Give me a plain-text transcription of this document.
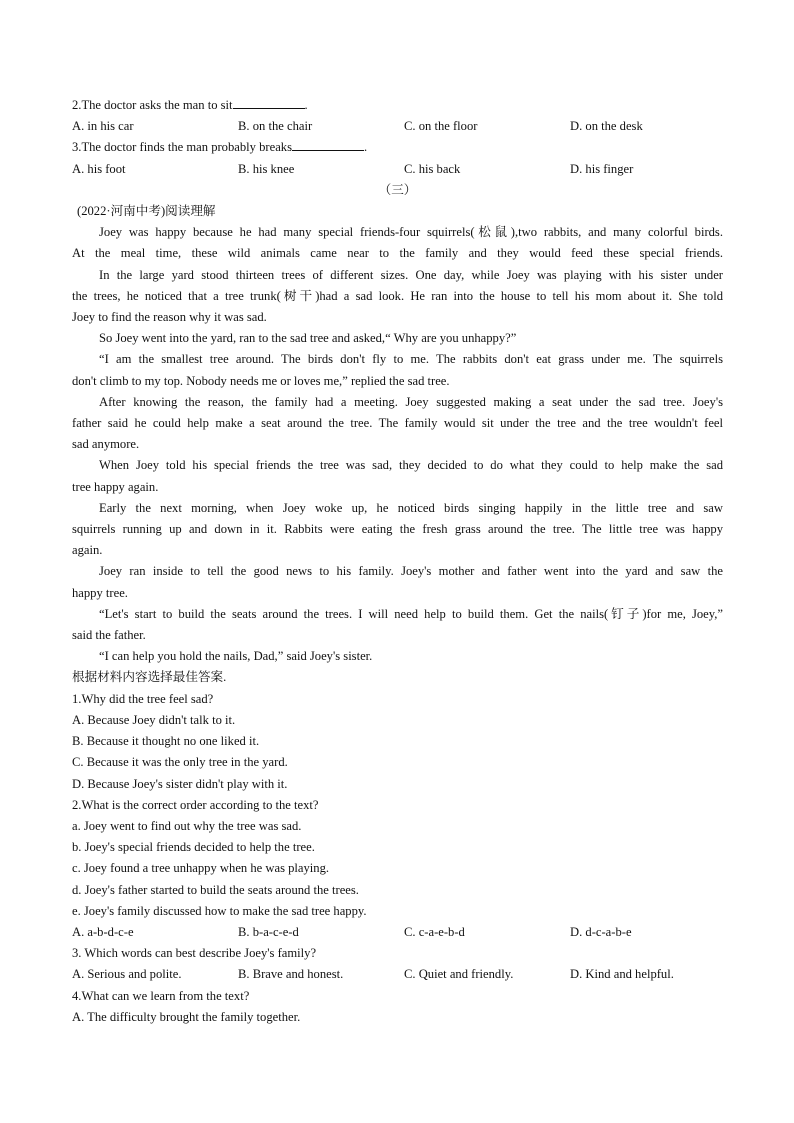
2.The doctor asks the man to sit	.

A. in his car	B. on the chair	C. on the floor	D. on the desk

3.The doctor finds the man probably breaks	.

A. his foot	B. his knee	C. his back	D. his finger

（三）

(2022·河南中考)阅读理解

Joey was happy because he had many special friends-four squirrels(松鼠),two rabbits, and many colorful birds.

At the meal time, these wild animals came near to the family and they would feed these special friends.

In the large yard stood thirteen trees of different sizes. One day, while Joey was playing with his sister under

the trees, he noticed that a tree trunk(树干)had a sad look. He ran into the house to tell his mom about it. She told

Joey to find the reason why it was sad.

So Joey went into the yard, ran to the sad tree and asked,“ Why are you unhappy?”

“I am the smallest tree around. The birds don't fly to me. The rabbits don't eat grass under me. The squirrels

don't climb to my top. Nobody needs me or loves me,” replied the sad tree.

After knowing the reason, the family had a meeting. Joey suggested making a seat under the sad tree. Joey's

father said he could help make a seat around the tree. The family would sit under the tree and the tree wouldn't feel

sad anymore.

When Joey told his special friends the tree was sad, they decided to do what they could to help make the sad

tree happy again.

Early the next morning, when Joey woke up, he noticed birds singing happily in the little tree and saw

squirrels running up and down in it. Rabbits were eating the fresh grass around the tree. The little tree was happy

again.

Joey ran inside to tell the good news to his family. Joey's mother and father went into the yard and saw the

happy tree.

“Let's start to build the seats around the trees. I will need help to build them. Get the nails(钉子)for me, Joey,”

said the father.

“I can help you hold the nails, Dad,” said Joey's sister.

根据材料内容选择最佳答案.

1.Why did the tree feel sad?

A. Because Joey didn't talk to it.

B. Because it thought no one liked it.

C. Because it was the only tree in the yard.

D. Because Joey's sister didn't play with it.

2.What is the correct order according to the text?

a. Joey went to find out why the tree was sad.

b. Joey's special friends decided to help the tree.

c. Joey found a tree unhappy when he was playing.

d. Joey's father started to build the seats around the trees.

e. Joey's family discussed how to make the sad tree happy.

A. a-b-d-c-e	B. b-a-c-e-d	C. c-a-e-b-d	D. d-c-a-b-e

3. Which words can best describe Joey's family?

A. Serious and polite.	B. Brave and honest.	C. Quiet and friendly.	D. Kind and helpful.

4.What can we learn from the text?

A. The difficulty brought the family together.
